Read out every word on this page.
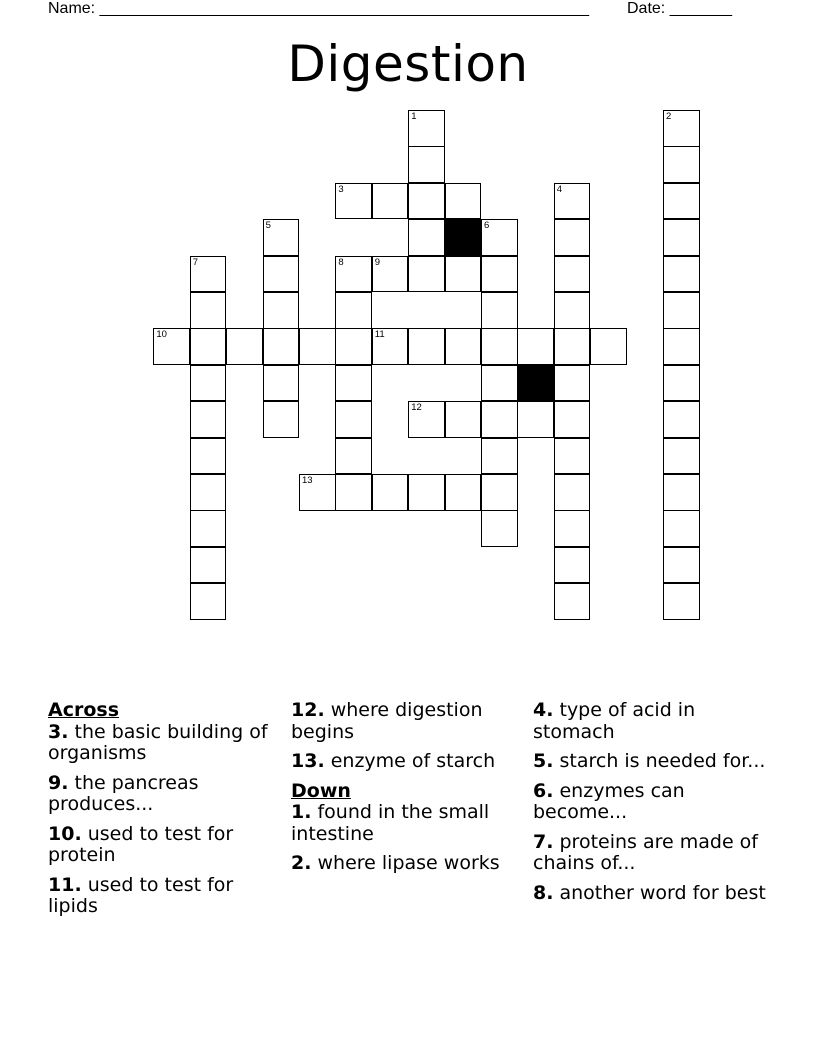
Name: _______________________________________________________ Date: _______
Digestion
1
3
6
9
11
12
4
2
5
7	8
10
13
Across
3. the basic building of organisms
9. the pancreas produces...
10. used to test for protein
11. used to test for lipids
12. where digestion begins
13. enzyme of starch
Down
1. found in the small intestine
2. where lipase works
4. type of acid in stomach
5. starch is needed for...
6. enzymes can become...
7. proteins are made of chains of...
8. another word for best
